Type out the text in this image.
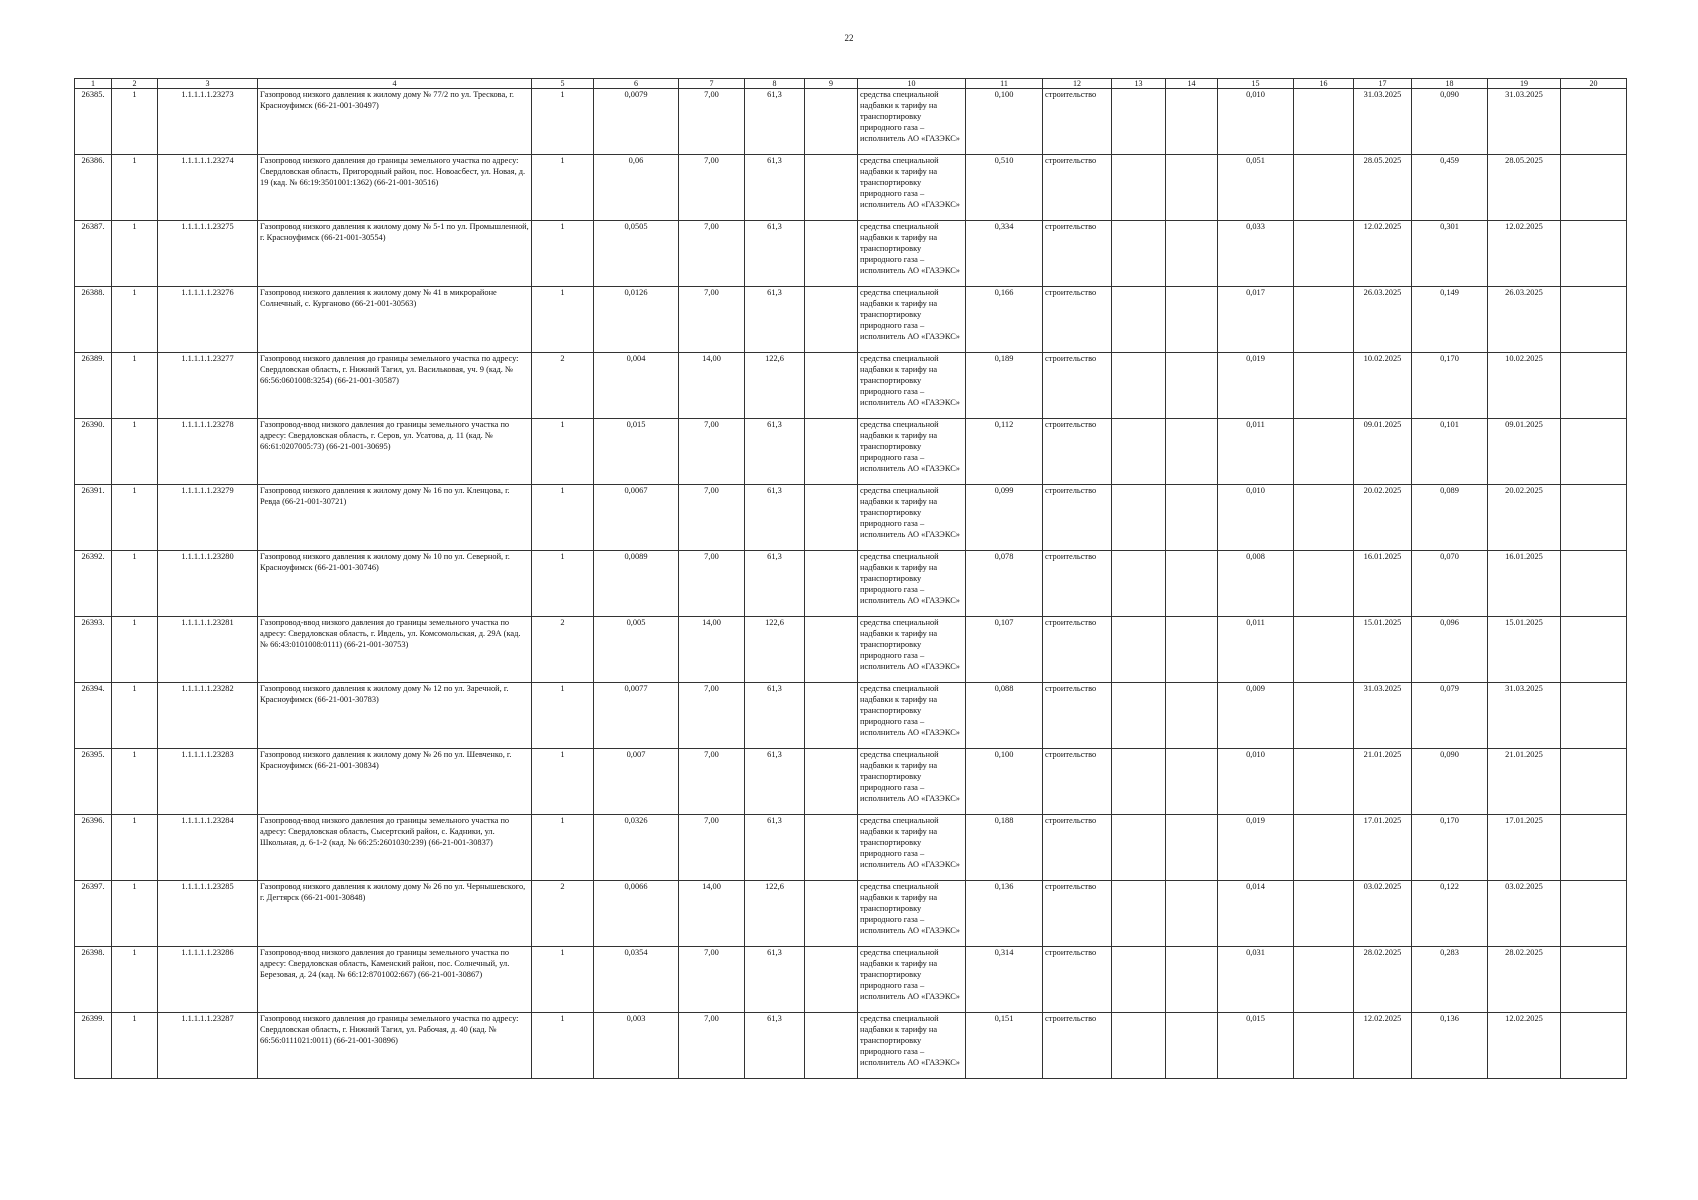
22
1	2	3	4	5	6	7	8	9	10	11	12	13	14	15	16	17	18	19	20
26385.	1	1.1.1.1.1.23273	Газопровод низкого давления к жилому дому № 77/2 по ул. Трескова, г. Красноуфимск (66-21-001-30497)	1	0,0079	7,00	61,3		средства специальной надбавки к тарифу на транспортировку природного газа – исполнитель АО «ГАЗЭКС»	0,100	строительство			0,010		31.03.2025	0,090	31.03.2025	
26386.	1	1.1.1.1.1.23274	Газопровод низкого давления до границы земельного участка по адресу: Свердловская область, Пригородный район, пос. Новоасбест, ул. Новая, д. 19 (кад. № 66:19:3501001:1362) (66-21-001-30516)	1	0,06	7,00	61,3		средства специальной надбавки к тарифу на транспортировку природного газа – исполнитель АО «ГАЗЭКС»	0,510	строительство			0,051		28.05.2025	0,459	28.05.2025	
26387.	1	1.1.1.1.1.23275	Газопровод низкого давления к жилому дому № 5-1 по ул. Промышленной, г. Красноуфимск (66-21-001-30554)	1	0,0505	7,00	61,3		средства специальной надбавки к тарифу на транспортировку природного газа – исполнитель АО «ГАЗЭКС»	0,334	строительство			0,033		12.02.2025	0,301	12.02.2025	
26388.	1	1.1.1.1.1.23276	Газопровод низкого давления к жилому дому № 41 в микрорайоне Солнечный, с. Курганово (66-21-001-30563)	1	0,0126	7,00	61,3		средства специальной надбавки к тарифу на транспортировку природного газа – исполнитель АО «ГАЗЭКС»	0,166	строительство			0,017		26.03.2025	0,149	26.03.2025	
26389.	1	1.1.1.1.1.23277	Газопровод низкого давления до границы земельного участка по адресу: Свердловская область, г. Нижний Тагил, ул. Васильковая, уч. 9 (кад. № 66:56:0601008:3254) (66-21-001-30587)	2	0,004	14,00	122,6		средства специальной надбавки к тарифу на транспортировку природного газа – исполнитель АО «ГАЗЭКС»	0,189	строительство			0,019		10.02.2025	0,170	10.02.2025	
26390.	1	1.1.1.1.1.23278	Газопровод-ввод низкого давления до границы земельного участка по адресу: Свердловская область, г. Серов, ул. Усатова, д. 11 (кад. № 66:61:0207005:73) (66-21-001-30695)	1	0,015	7,00	61,3		средства специальной надбавки к тарифу на транспортировку природного газа – исполнитель АО «ГАЗЭКС»	0,112	строительство			0,011		09.01.2025	0,101	09.01.2025	
26391.	1	1.1.1.1.1.23279	Газопровод низкого давления к жилому дому № 16 по ул. Кленцова, г. Ревда (66-21-001-30721)	1	0,0067	7,00	61,3		средства специальной надбавки к тарифу на транспортировку природного газа – исполнитель АО «ГАЗЭКС»	0,099	строительство			0,010		20.02.2025	0,089	20.02.2025	
26392.	1	1.1.1.1.1.23280	Газопровод низкого давления к жилому дому № 10 по ул. Северной, г. Красноуфимск (66-21-001-30746)	1	0,0089	7,00	61,3		средства специальной надбавки к тарифу на транспортировку природного газа – исполнитель АО «ГАЗЭКС»	0,078	строительство			0,008		16.01.2025	0,070	16.01.2025	
26393.	1	1.1.1.1.1.23281	Газопровод-ввод низкого давления до границы земельного участка по адресу: Свердловская область, г. Ивдель, ул. Комсомольская, д. 29А (кад. № 66:43:0101008:0111) (66-21-001-30753)	2	0,005	14,00	122,6		средства специальной надбавки к тарифу на транспортировку природного газа – исполнитель АО «ГАЗЭКС»	0,107	строительство			0,011		15.01.2025	0,096	15.01.2025	
26394.	1	1.1.1.1.1.23282	Газопровод низкого давления к жилому дому № 12 по ул. Заречной, г. Красноуфимск (66-21-001-30783)	1	0,0077	7,00	61,3		средства специальной надбавки к тарифу на транспортировку природного газа – исполнитель АО «ГАЗЭКС»	0,088	строительство			0,009		31.03.2025	0,079	31.03.2025	
26395.	1	1.1.1.1.1.23283	Газопровод низкого давления к жилому дому № 26 по ул. Шевченко, г. Красноуфимск (66-21-001-30834)	1	0,007	7,00	61,3		средства специальной надбавки к тарифу на транспортировку природного газа – исполнитель АО «ГАЗЭКС»	0,100	строительство			0,010		21.01.2025	0,090	21.01.2025	
26396.	1	1.1.1.1.1.23284	Газопровод-ввод низкого давления до границы земельного участка по адресу: Свердловская область, Сысертский район, с. Кадники, ул. Школьная, д. 6-1-2 (кад. № 66:25:2601030:239) (66-21-001-30837)	1	0,0326	7,00	61,3		средства специальной надбавки к тарифу на транспортировку природного газа – исполнитель АО «ГАЗЭКС»	0,188	строительство			0,019		17.01.2025	0,170	17.01.2025	
26397.	1	1.1.1.1.1.23285	Газопровод низкого давления к жилому дому № 26 по ул. Чернышевского, г. Дегтярск (66-21-001-30848)	2	0,0066	14,00	122,6		средства специальной надбавки к тарифу на транспортировку природного газа – исполнитель АО «ГАЗЭКС»	0,136	строительство			0,014		03.02.2025	0,122	03.02.2025	
26398.	1	1.1.1.1.1.23286	Газопровод-ввод низкого давления до границы земельного участка по адресу: Свердловская область, Каменский район, пос. Солнечный, ул. Березовая, д. 24 (кад. № 66:12:8701002:667) (66-21-001-30867)	1	0,0354	7,00	61,3		средства специальной надбавки к тарифу на транспортировку природного газа – исполнитель АО «ГАЗЭКС»	0,314	строительство			0,031		28.02.2025	0,283	28.02.2025	
26399.	1	1.1.1.1.1.23287	Газопровод низкого давления до границы земельного участка по адресу: Свердловская область, г. Нижний Тагил, ул. Рабочая, д. 40 (кад. № 66:56:0111021:0011) (66-21-001-30896)	1	0,003	7,00	61,3		средства специальной надбавки к тарифу на транспортировку природного газа – исполнитель АО «ГАЗЭКС»	0,151	строительство			0,015		12.02.2025	0,136	12.02.2025	
